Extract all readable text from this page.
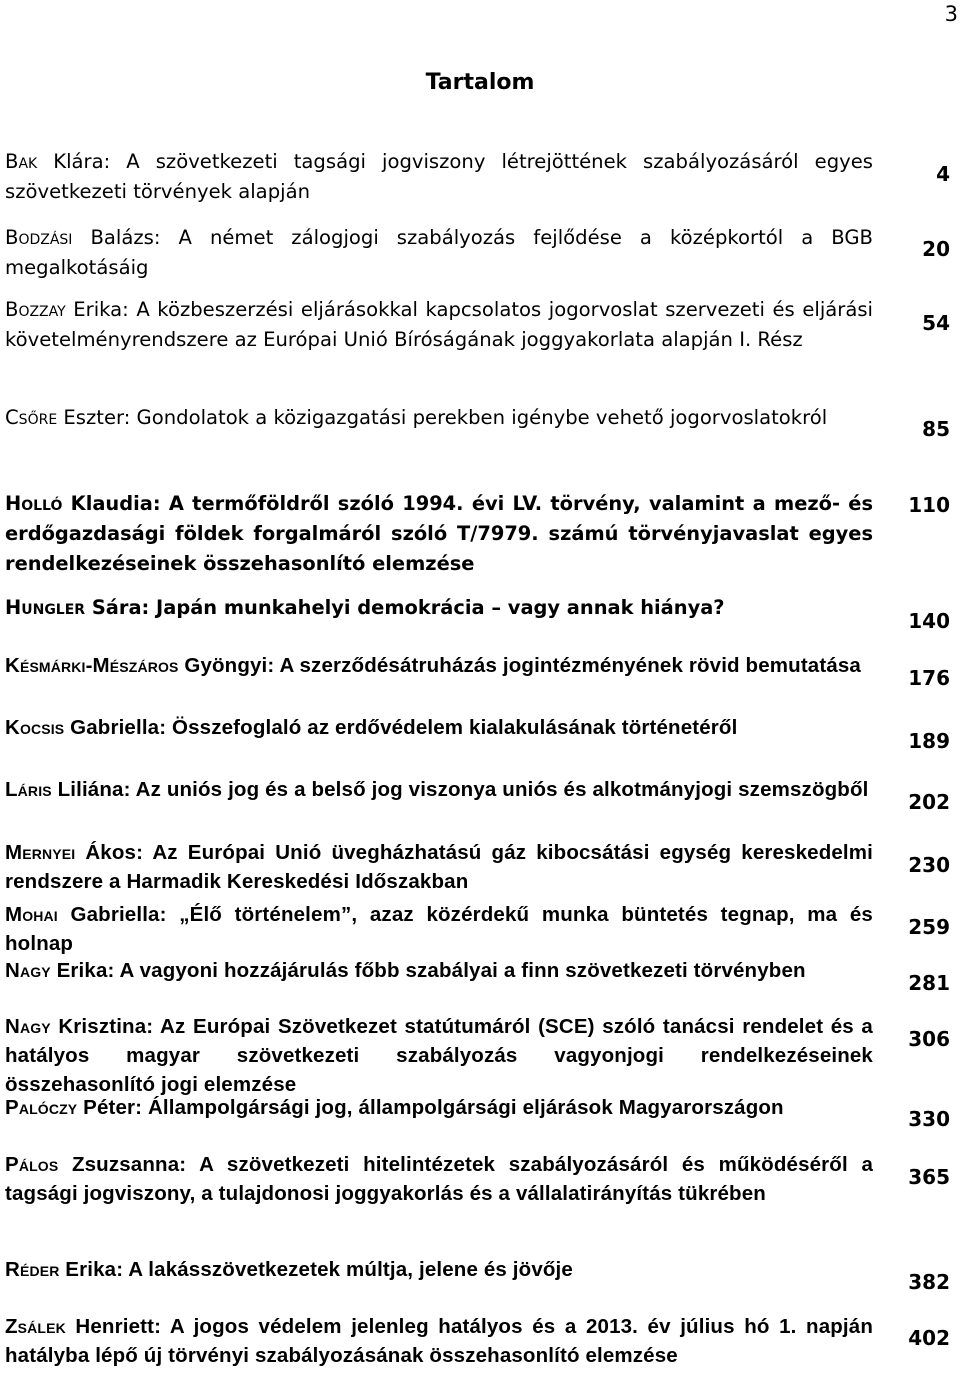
3
Tartalom
Bak Klára: A szövetkezeti tagsági jogviszony létrejöttének szabályozásáról egyes szövetkezeti törvények alapján
4
Bodzási Balázs: A német zálogjogi szabályozás fejlődése a középkortól a BGB megalkotásáig
20
Bozzay Erika: A közbeszerzési eljárásokkal kapcsolatos jogorvoslat szervezeti és eljárási követelményrendszere az Európai Unió Bíróságának joggyakorlata alapján I. Rész
54
Csőre Eszter: Gondolatok a közigazgatási perekben igénybe vehető jogorvoslatokról	85
Holló Klaudia: A termőföldről szóló 1994. évi LV. törvény, valamint a mező- és erdőgazdasági földek forgalmáról szóló T/7979. számú törvényjavaslat egyes rendelkezéseinek összehasonlító elemzése
110
Hungler Sára: Japán munkahelyi demokrácia – vagy annak hiánya?
140
Késmárki-Mészáros Gyöngyi: A szerződésátruházás jogintézményének rövid bemutatása
176
Kocsis Gabriella: Összefoglaló az erdővédelem kialakulásának történetéről
189
Láris Liliána: Az uniós jog és a belső jog viszonya uniós és alkotmányjogi szemszögből
202
Mernyei Ákos: Az Európai Unió üvegházhatású gáz kibocsátási egység kereskedelmi rendszere a Harmadik Kereskedési Időszakban
230
Mohai Gabriella: „Élő történelem”, azaz közérdekű munka büntetés tegnap, ma és holnap
259
Nagy Erika: A vagyoni hozzájárulás főbb szabályai a finn szövetkezeti törvényben
281
Nagy Krisztina: Az Európai Szövetkezet statútumáról (SCE) szóló tanácsi rendelet és a hatályos magyar szövetkezeti szabályozás vagyonjogi rendelkezéseinek összehasonlító jogi elemzése
306
Palóczy Péter: Állampolgársági jog, állampolgársági eljárások Magyarországon	330
Pálos Zsuzsanna: A szövetkezeti hitelintézetek szabályozásáról és működéséről a tagsági jogviszony, a tulajdonosi joggyakorlás és a vállalatirányítás tükrében
365
Réder Erika: A lakásszövetkezetek múltja, jelene és jövője
382
Zsálek Henriett: A jogos védelem jelenleg hatályos és a 2013. év július hó 1. napján hatályba lépő új törvényi szabályozásának összehasonlító elemzése
402
